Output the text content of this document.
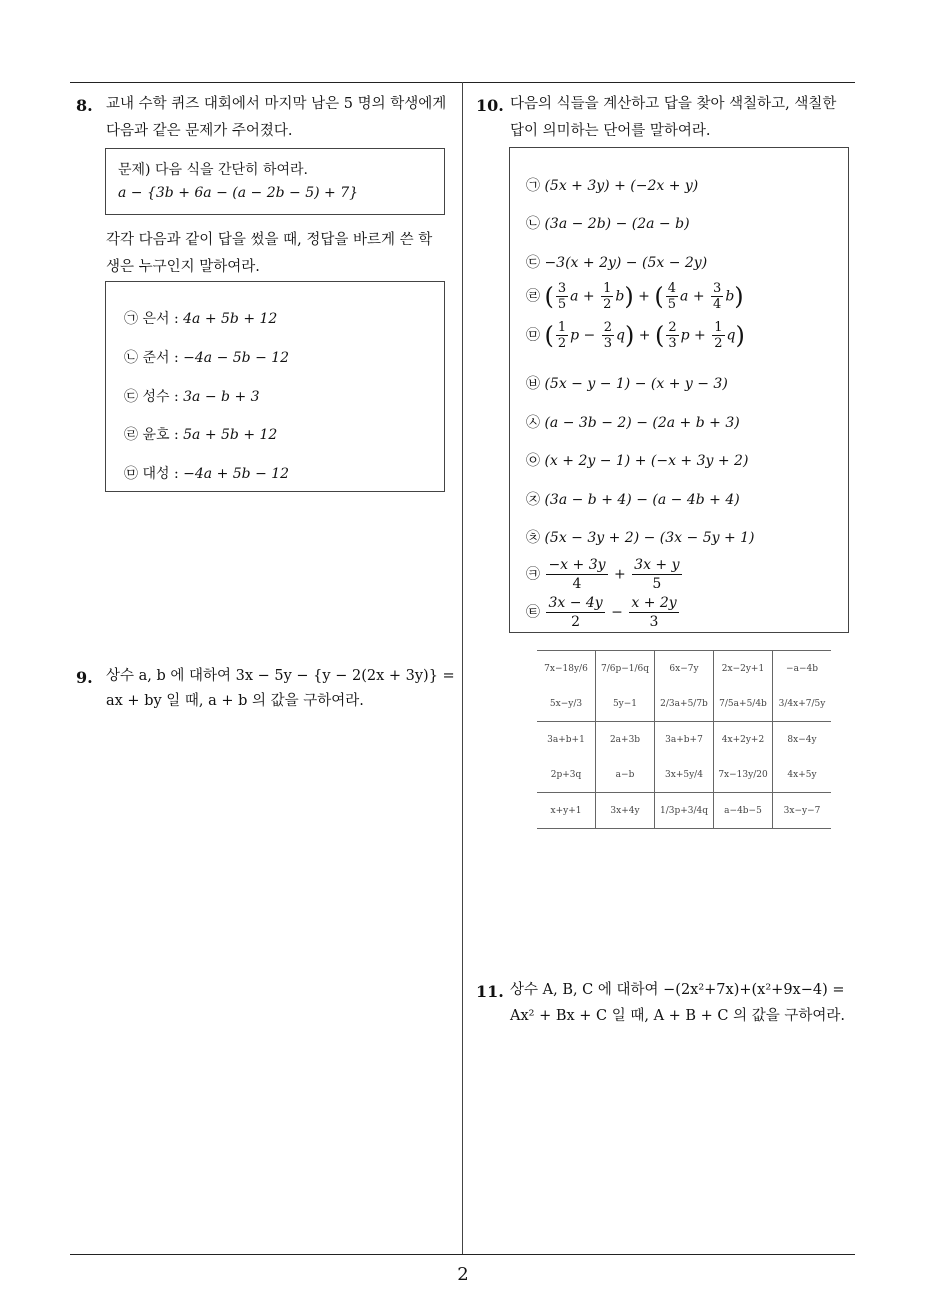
2
8. 교내 수학 퀴즈 대회에서 마지막 남은 5 명의 학생에게
다음과 같은 문제가 주어졌다.
문제) 다음 식을 간단히 하여라.
a − {3b + 6a − (a − 2b − 5) + 7}
각각 다음과 같이 답을 썼을 때, 정답을 바르게 쓴 학
생은 누구인지 말하여라.
㉠ 은서 : 4a + 5b + 12
㉡ 준서 : −4a − 5b − 12
㉢ 성수 : 3a − b + 3
㉣ 윤호 : 5a + 5b + 12
㉤ 대성 : −4a + 5b − 12
9. 상수 a, b 에 대하여 3x − 5y − {y − 2(2x + 3y)} =
ax + by 일 때, a + b 의 값을 구하여라.
10. 다음의 식들을 계산하고 답을 찾아 색칠하고, 색칠한
답이 의미하는 단어를 말하여라.
㉠ (5x + 3y) + (−2x + y)
㉡ (3a − 2b) − (2a − b)
㉢ −3(x + 2y) − (5x − 2y)
㉣ ( $\frac{3}{5}$ $a + \frac{1}{2} b$) + ( $\frac{4}{5}$ $a + \frac{3}{4} b$)
㉤ ( $\frac{1}{2}$ $p - \frac{2}{3} q$) + ( $\frac{2}{3}$ $p + \frac{1}{2} q$)
㉥ (5x − y − 1) − (x + y − 3)
㉦ (a − 3b − 2) − (2a + b + 3)
㉧ (x + 2y − 1) + (−x + 3y + 2)
㉨ (3a − b + 4) − (a − 4b + 4)
㉩ (5x − 3y + 2) − (3x − 5y + 1)
㉪ $\frac{-x + 3y}{4} + \frac{3x + y}{5}$
㉫ $\frac{3x - 4y}{2} - \frac{x + 2y}{3}$
7x−18y/6	7/6p−1/6q	6x−7y	2x−2y+1	−a−4b
5x−y/3	5y−1	2/3a+5/7b	7/5a+5/4b	3/4x+7/5y
3a+b+1	2a+3b	3a+b+7	4x+2y+2	8x−4y
2p+3q	a−b	3x+5y/4	7x−13y/20	4x+5y
x+y+1	3x+4y	1/3p+3/4q	a−4b−5	3x−y−7
11. 상수 A, B, C 에 대하여 −(2x²+7x)+(x²+9x−4) =
Ax² + Bx + C 일 때, A + B + C 의 값을 구하여라.
